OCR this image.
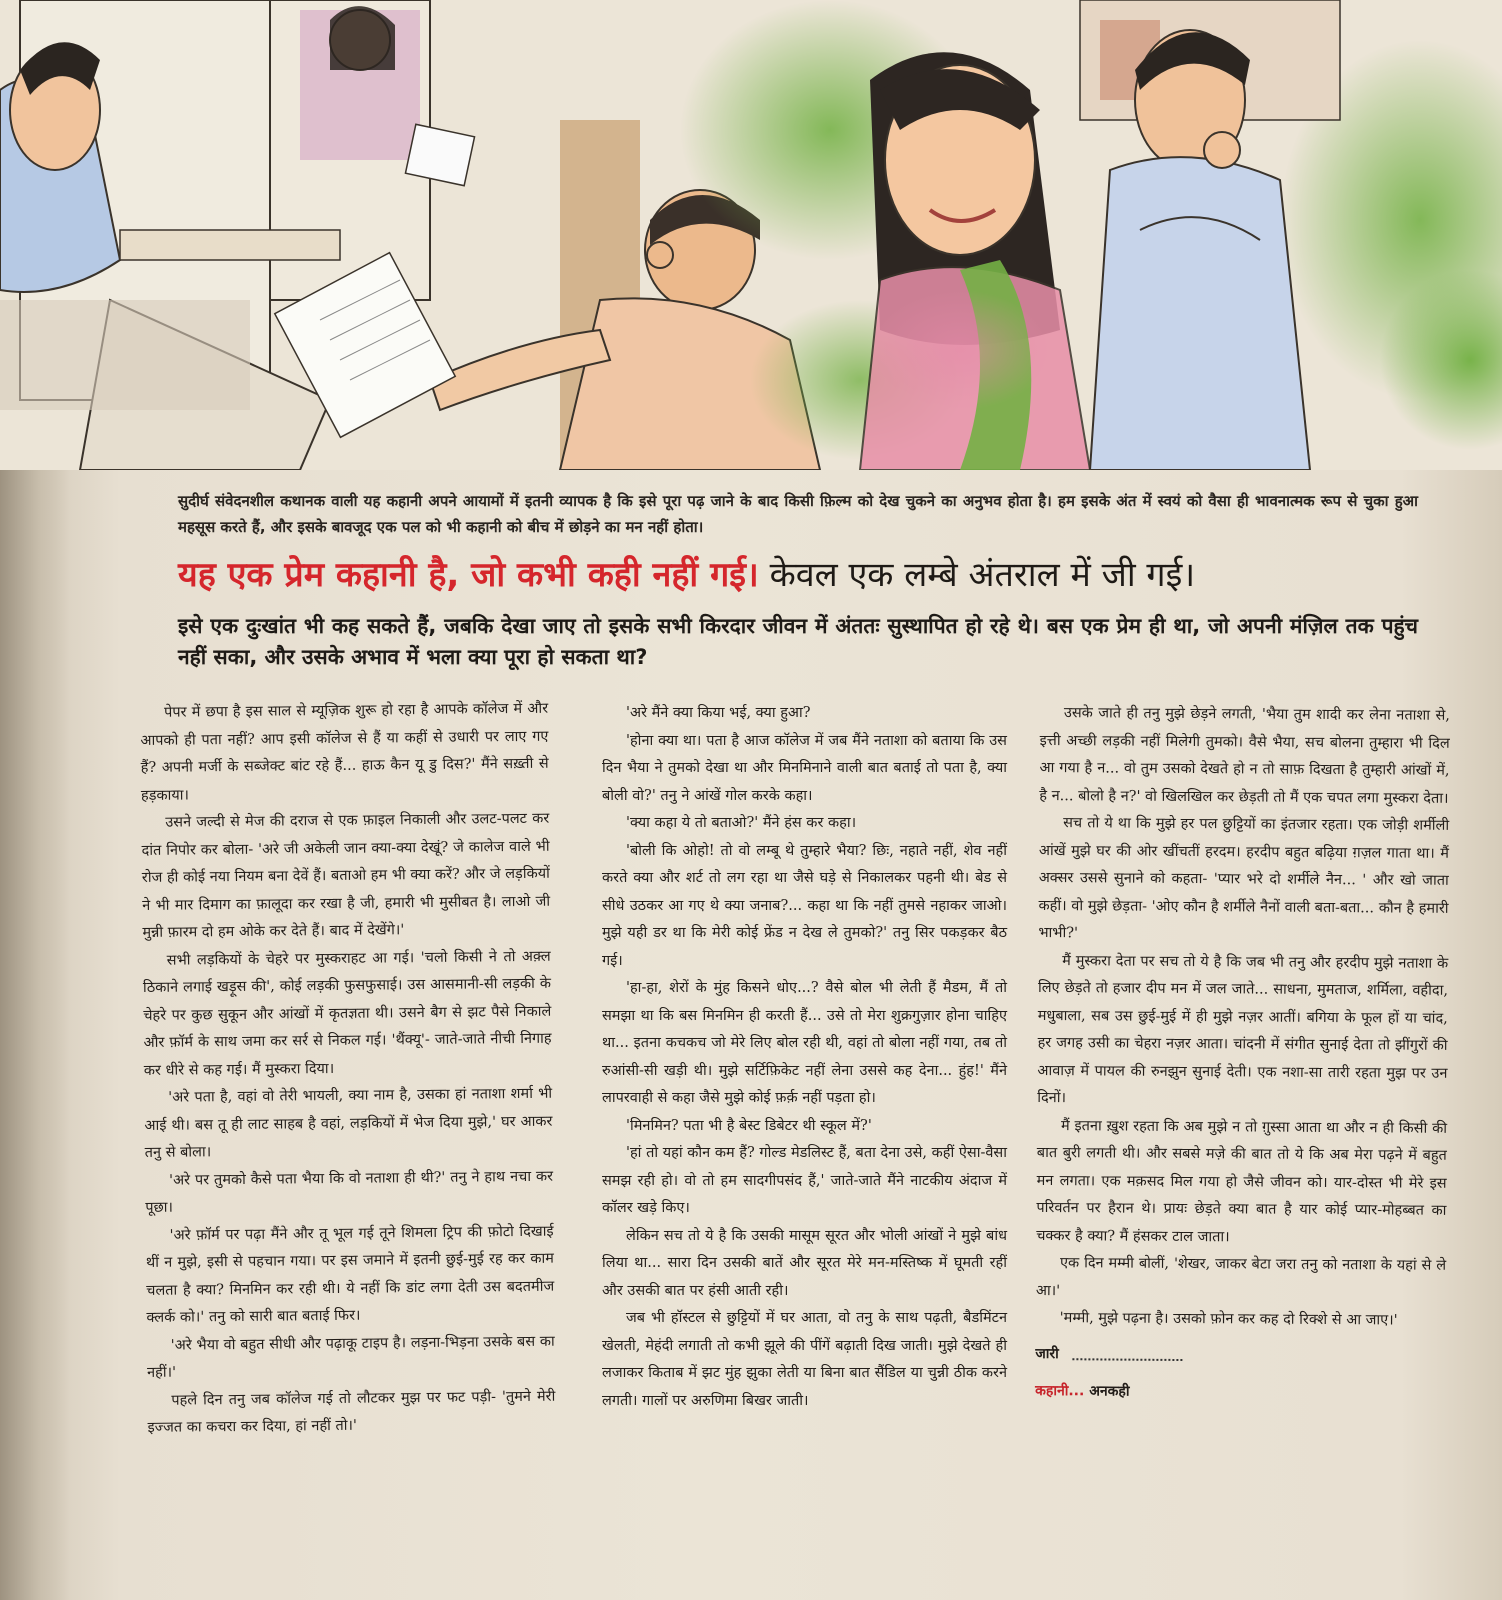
सुदीर्घ संवेदनशील कथानक वाली यह कहानी अपने आयामों में इतनी व्यापक है कि इसे पूरा पढ़ जाने के बाद किसी फ़िल्म को देख चुकने का अनुभव होता है। हम इसके अंत में स्वयं को वैसा ही भावनात्मक रूप से चुका हुआ महसूस करते हैं, और इसके बावजूद एक पल को भी कहानी को बीच में छोड़ने का मन नहीं होता।
यह एक प्रेम कहानी है, जो कभी कही नहीं गई। केवल एक लम्बे अंतराल में जी गई।
इसे एक दुःखांत भी कह सकते हैं, जबकि देखा जाए तो इसके सभी किरदार जीवन में अंततः सुस्थापित हो रहे थे। बस एक प्रेम ही था, जो अपनी मंज़िल तक पहुंच नहीं सका, और उसके अभाव में भला क्या पूरा हो सकता था?

पेपर में छपा है इस साल से म्यूज़िक शुरू हो रहा है आपके कॉलेज में और आपको ही पता नहीं? आप इसी कॉलेज से हैं या कहीं से उधारी पर लाए गए हैं? अपनी मर्जी के सब्जेक्ट बांट रहे हैं... हाऊ कैन यू डु दिस?' मैंने सख़्ती से हड़काया।

उसने जल्दी से मेज की दराज से एक फ़ाइल निकाली और उलट-पलट कर दांत निपोर कर बोला- 'अरे जी अकेली जान क्या-क्या देखूं? जे कालेज वाले भी रोज ही कोई नया नियम बना देवें हैं। बताओ हम भी क्या करें? और जे लड़कियों ने भी मार दिमाग का फ़ालूदा कर रखा है जी, हमारी भी मुसीबत है। लाओ जी मुन्नी फ़ारम दो हम ओके कर देते हैं। बाद में देखेंगे।'

सभी लड़कियों के चेहरे पर मुस्कराहट आ गई। 'चलो किसी ने तो अक़्ल ठिकाने लगाई खड़ूस की', कोई लड़की फुसफुसाई। उस आसमानी-सी लड़की के चेहरे पर कुछ सुकून और आंखों में कृतज्ञता थी। उसने बैग से झट पैसे निकाले और फ़ॉर्म के साथ जमा कर सर्र से निकल गई। 'थैंक्यू'- जाते-जाते नीची निगाह कर धीरे से कह गई। मैं मुस्करा दिया।

'अरे पता है, वहां वो तेरी भायली, क्या नाम है, उसका हां नताशा शर्मा भी आई थी। बस तू ही लाट साहब है वहां, लड़कियों में भेज दिया मुझे,' घर आकर तनु से बोला।

'अरे पर तुमको कैसे पता भैया कि वो नताशा ही थी?' तनु ने हाथ नचा कर पूछा।

'अरे फ़ॉर्म पर पढ़ा मैंने और तू भूल गई तूने शिमला ट्रिप की फ़ोटो दिखाई थीं न मुझे, इसी से पहचान गया। पर इस जमाने में इतनी छुई-मुई रह कर काम चलता है क्या? मिनमिन कर रही थी। ये नहीं कि डांट लगा देती उस बदतमीज क्लर्क को।' तनु को सारी बात बताई फिर।

'अरे भैया वो बहुत सीधी और पढ़ाकू टाइप है। लड़ना-भिड़ना उसके बस का नहीं।'

पहले दिन तनु जब कॉलेज गई तो लौटकर मुझ पर फट पड़ी- 'तुमने मेरी इज्जत का कचरा कर दिया, हां नहीं तो।'

'अरे मैंने क्या किया भई, क्या हुआ?

'होना क्या था। पता है आज कॉलेज में जब मैंने नताशा को बताया कि उस दिन भैया ने तुमको देखा था और मिनमिनाने वाली बात बताई तो पता है, क्या बोली वो?' तनु ने आंखें गोल करके कहा।

'क्या कहा ये तो बताओ?' मैंने हंस कर कहा।

'बोली कि ओहो! तो वो लम्बू थे तुम्हारे भैया? छिः, नहाते नहीं, शेव नहीं करते क्या और शर्ट तो लग रहा था जैसे घड़े से निकालकर पहनी थी। बेड से सीधे उठकर आ गए थे क्या जनाब?... कहा था कि नहीं तुमसे नहाकर जाओ। मुझे यही डर था कि मेरी कोई फ्रेंड न देख ले तुमको?' तनु सिर पकड़कर बैठ गई।

'हा-हा, शेरों के मुंह किसने धोए...? वैसे बोल भी लेती हैं मैडम, मैं तो समझा था कि बस मिनमिन ही करती हैं... उसे तो मेरा शुक्रगुज़ार होना चाहिए था... इतना कचकच जो मेरे लिए बोल रही थी, वहां तो बोला नहीं गया, तब तो रुआंसी-सी खड़ी थी। मुझे सर्टिफ़िकेट नहीं लेना उससे कह देना... हुंह!' मैंने लापरवाही से कहा जैसे मुझे कोई फ़र्क़ नहीं पड़ता हो।

'मिनमिन? पता भी है बेस्ट डिबेटर थी स्कूल में?'

'हां तो यहां कौन कम हैं? गोल्ड मेडलिस्ट हैं, बता देना उसे, कहीं ऐसा-वैसा समझ रही हो। वो तो हम सादगीपसंद हैं,' जाते-जाते मैंने नाटकीय अंदाज में कॉलर खड़े किए।

लेकिन सच तो ये है कि उसकी मासूम सूरत और भोली आंखों ने मुझे बांध लिया था... सारा दिन उसकी बातें और सूरत मेरे मन-मस्तिष्क में घूमती रहीं और उसकी बात पर हंसी आती रही।

जब भी हॉस्टल से छुट्टियों में घर आता, वो तनु के साथ पढ़ती, बैडमिंटन खेलती, मेहंदी लगाती तो कभी झूले की पींगें बढ़ाती दिख जाती। मुझे देखते ही लजाकर किताब में झट मुंह झुका लेती या बिना बात सैंडिल या चुन्नी ठीक करने लगती। गालों पर अरुणिमा बिखर जाती।

उसके जाते ही तनु मुझे छेड़ने लगती, 'भैया तुम शादी कर लेना नताशा से, इत्ती अच्छी लड़की नहीं मिलेगी तुमको। वैसे भैया, सच बोलना तुम्हारा भी दिल आ गया है न... वो तुम उसको देखते हो न तो साफ़ दिखता है तुम्हारी आंखों में, है न... बोलो है न?' वो खिलखिल कर छेड़ती तो मैं एक चपत लगा मुस्करा देता।

सच तो ये था कि मुझे हर पल छुट्टियों का इंतजार रहता। एक जोड़ी शर्मीली आंखें मुझे घर की ओर खींचतीं हरदम। हरदीप बहुत बढ़िया ग़ज़ल गाता था। मैं अक्सर उससे सुनाने को कहता- 'प्यार भरे दो शर्मीले नैन... ' और खो जाता कहीं। वो मुझे छेड़ता- 'ओए कौन है शर्मीले नैनों वाली बता-बता... कौन है हमारी भाभी?'

मैं मुस्करा देता पर सच तो ये है कि जब भी तनु और हरदीप मुझे नताशा के लिए छेड़ते तो हजार दीप मन में जल जाते... साधना, मुमताज, शर्मिला, वहीदा, मधुबाला, सब उस छुई-मुई में ही मुझे नज़र आतीं। बगिया के फूल हों या चांद, हर जगह उसी का चेहरा नज़र आता। चांदनी में संगीत सुनाई देता तो झींगुरों की आवाज़ में पायल की रुनझुन सुनाई देती। एक नशा-सा तारी रहता मुझ पर उन दिनों।

मैं इतना ख़ुश रहता कि अब मुझे न तो ग़ुस्सा आता था और न ही किसी की बात बुरी लगती थी। और सबसे मज़े की बात तो ये कि अब मेरा पढ़ने में बहुत मन लगता। एक मक़सद मिल गया हो जैसे जीवन को। यार-दोस्त भी मेरे इस परिवर्तन पर हैरान थे। प्रायः छेड़ते क्या बात है यार कोई प्यार-मोहब्बत का चक्कर है क्या? मैं हंसकर टाल जाता।

एक दिन मम्मी बोलीं, 'शेखर, जाकर बेटा जरा तनु को नताशा के यहां से ले आ।'

'मम्मी, मुझे पढ़ना है। उसको फ़ोन कर कह दो रिक्शे से आ जाए।'

जारी
कहानी... अनकही
